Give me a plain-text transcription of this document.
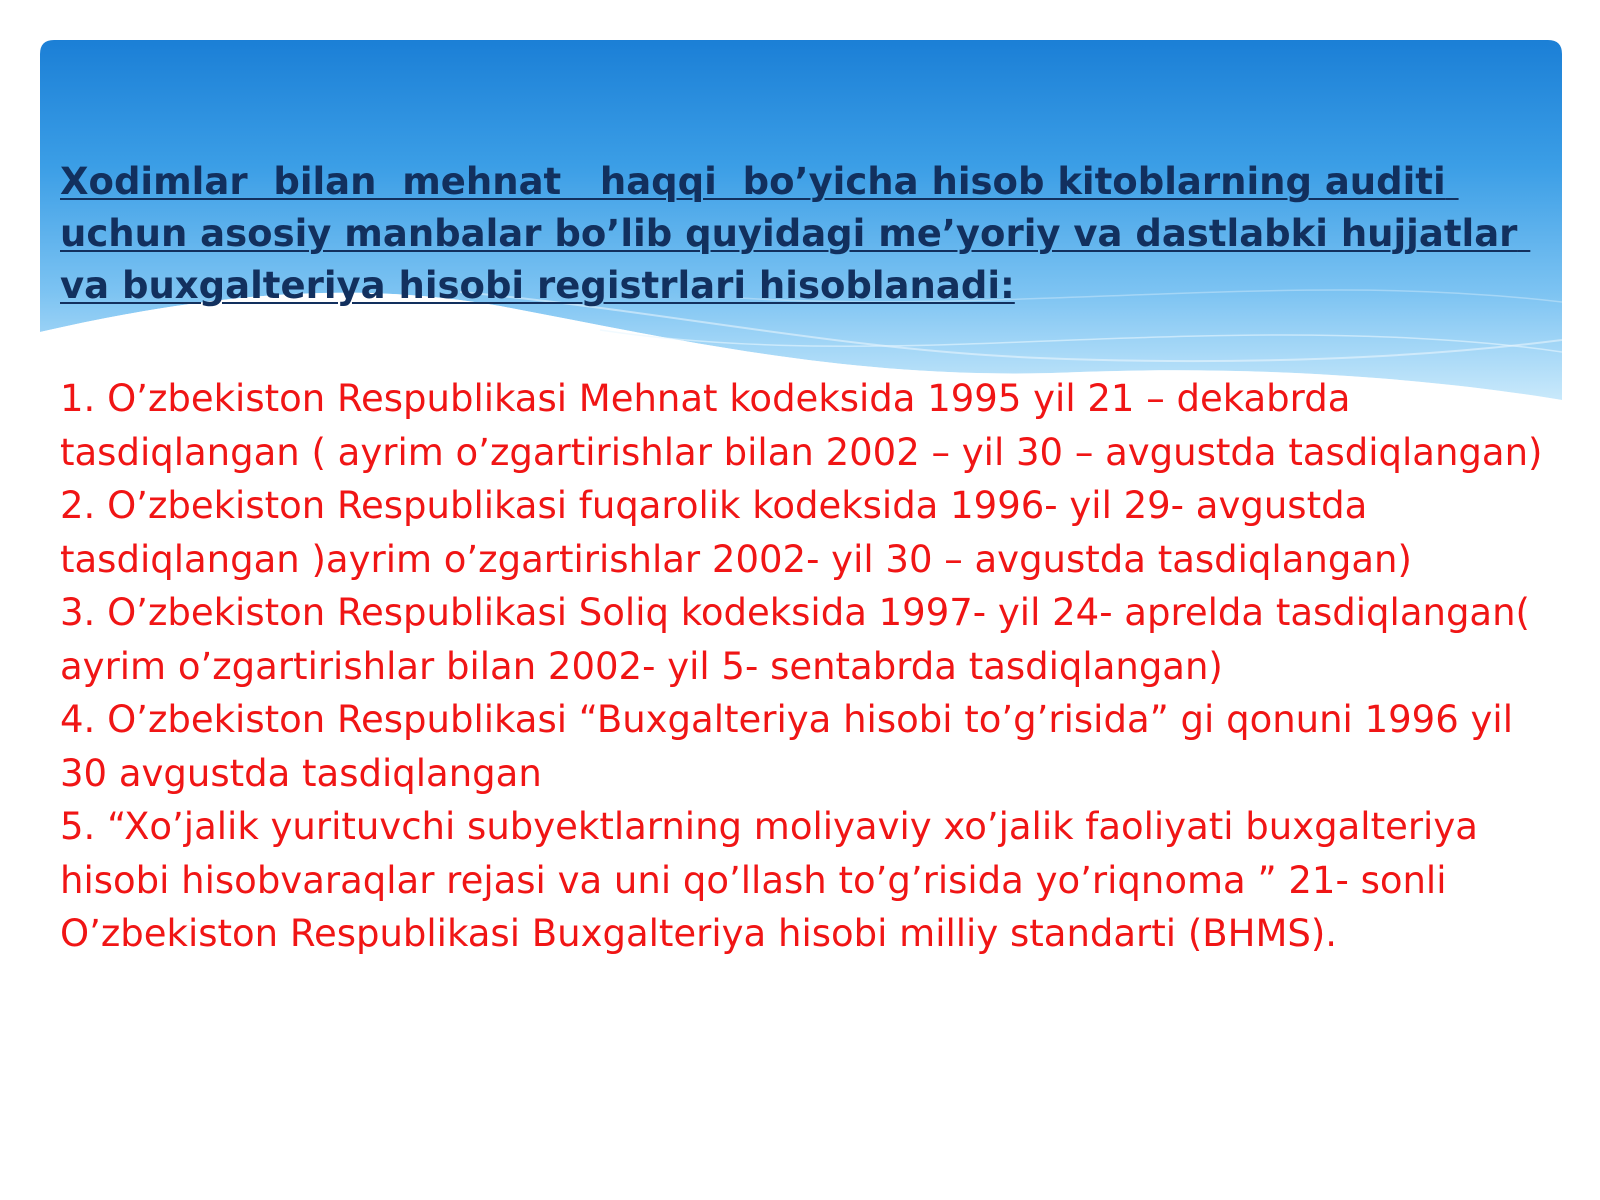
Xodimlar  bilan  mehnat   haqqi  bo’yicha hisob kitoblarning auditi uchun asosiy manbalar bo’lib quyidagi me’yoriy va dastlabki hujjatlar va buxgalteriya hisobi registrlari hisoblanadi:

1. O’zbekiston Respublikasi Mehnat kodeksida 1995 yil 21 – dekabrda tasdiqlangan ( ayrim o’zgartirishlar bilan 2002 – yil 30 – avgustda tasdiqlangan)
2. O’zbekiston Respublikasi fuqarolik kodeksida 1996- yil 29- avgustda tasdiqlangan )ayrim o’zgartirishlar 2002- yil 30 – avgustda tasdiqlangan)
3. O’zbekiston Respublikasi Soliq kodeksida 1997- yil 24- aprelda tasdiqlangan( ayrim o’zgartirishlar bilan 2002- yil 5- sentabrda tasdiqlangan)
4. O’zbekiston Respublikasi “Buxgalteriya hisobi to’g’risida” gi qonuni 1996 yil 30 avgustda tasdiqlangan
5. “Xo’jalik yurituvchi subyektlarning moliyaviy xo’jalik faoliyati buxgalteriya hisobi hisobvaraqlar rejasi va uni qo’llash to’g’risida yo’riqnoma ” 21- sonli O’zbekiston Respublikasi Buxgalteriya hisobi milliy standarti (BHMS).
